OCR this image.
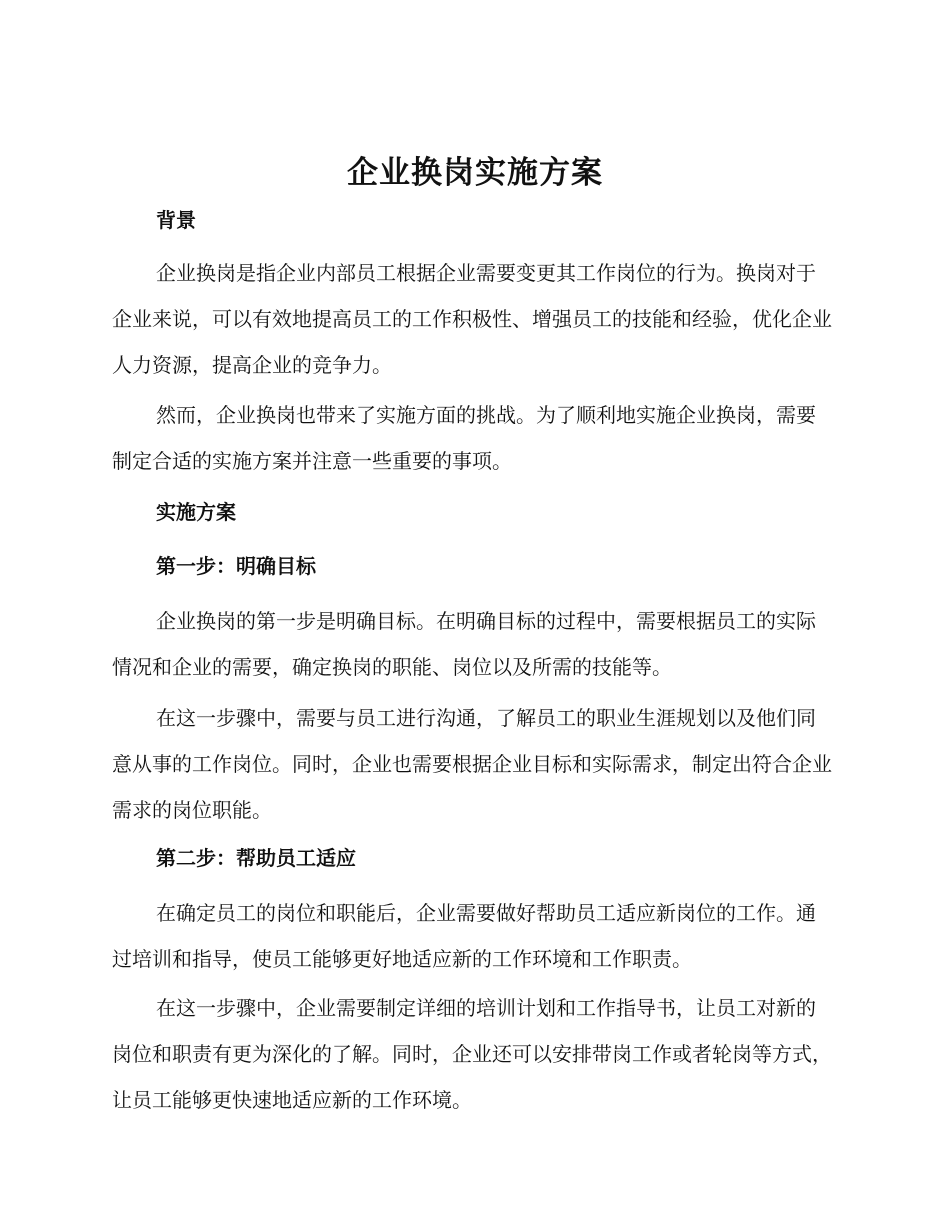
企业换岗实施方案
背景

企业换岗是指企业内部员工根据企业需要变更其工作岗位的行为。换岗对于企业来说，可以有效地提高员工的工作积极性、增强员工的技能和经验，优化企业人力资源，提高企业的竞争力。

然而，企业换岗也带来了实施方面的挑战。为了顺利地实施企业换岗，需要制定合适的实施方案并注意一些重要的事项。

实施方案
第一步：明确目标

企业换岗的第一步是明确目标。在明确目标的过程中，需要根据员工的实际情况和企业的需要，确定换岗的职能、岗位以及所需的技能等。

在这一步骤中，需要与员工进行沟通，了解员工的职业生涯规划以及他们同意从事的工作岗位。同时，企业也需要根据企业目标和实际需求，制定出符合企业需求的岗位职能。

第二步：帮助员工适应

在确定员工的岗位和职能后，企业需要做好帮助员工适应新岗位的工作。通过培训和指导，使员工能够更好地适应新的工作环境和工作职责。

在这一步骤中，企业需要制定详细的培训计划和工作指导书，让员工对新的岗位和职责有更为深化的了解。同时，企业还可以安排带岗工作或者轮岗等方式，让员工能够更快速地适应新的工作环境。
